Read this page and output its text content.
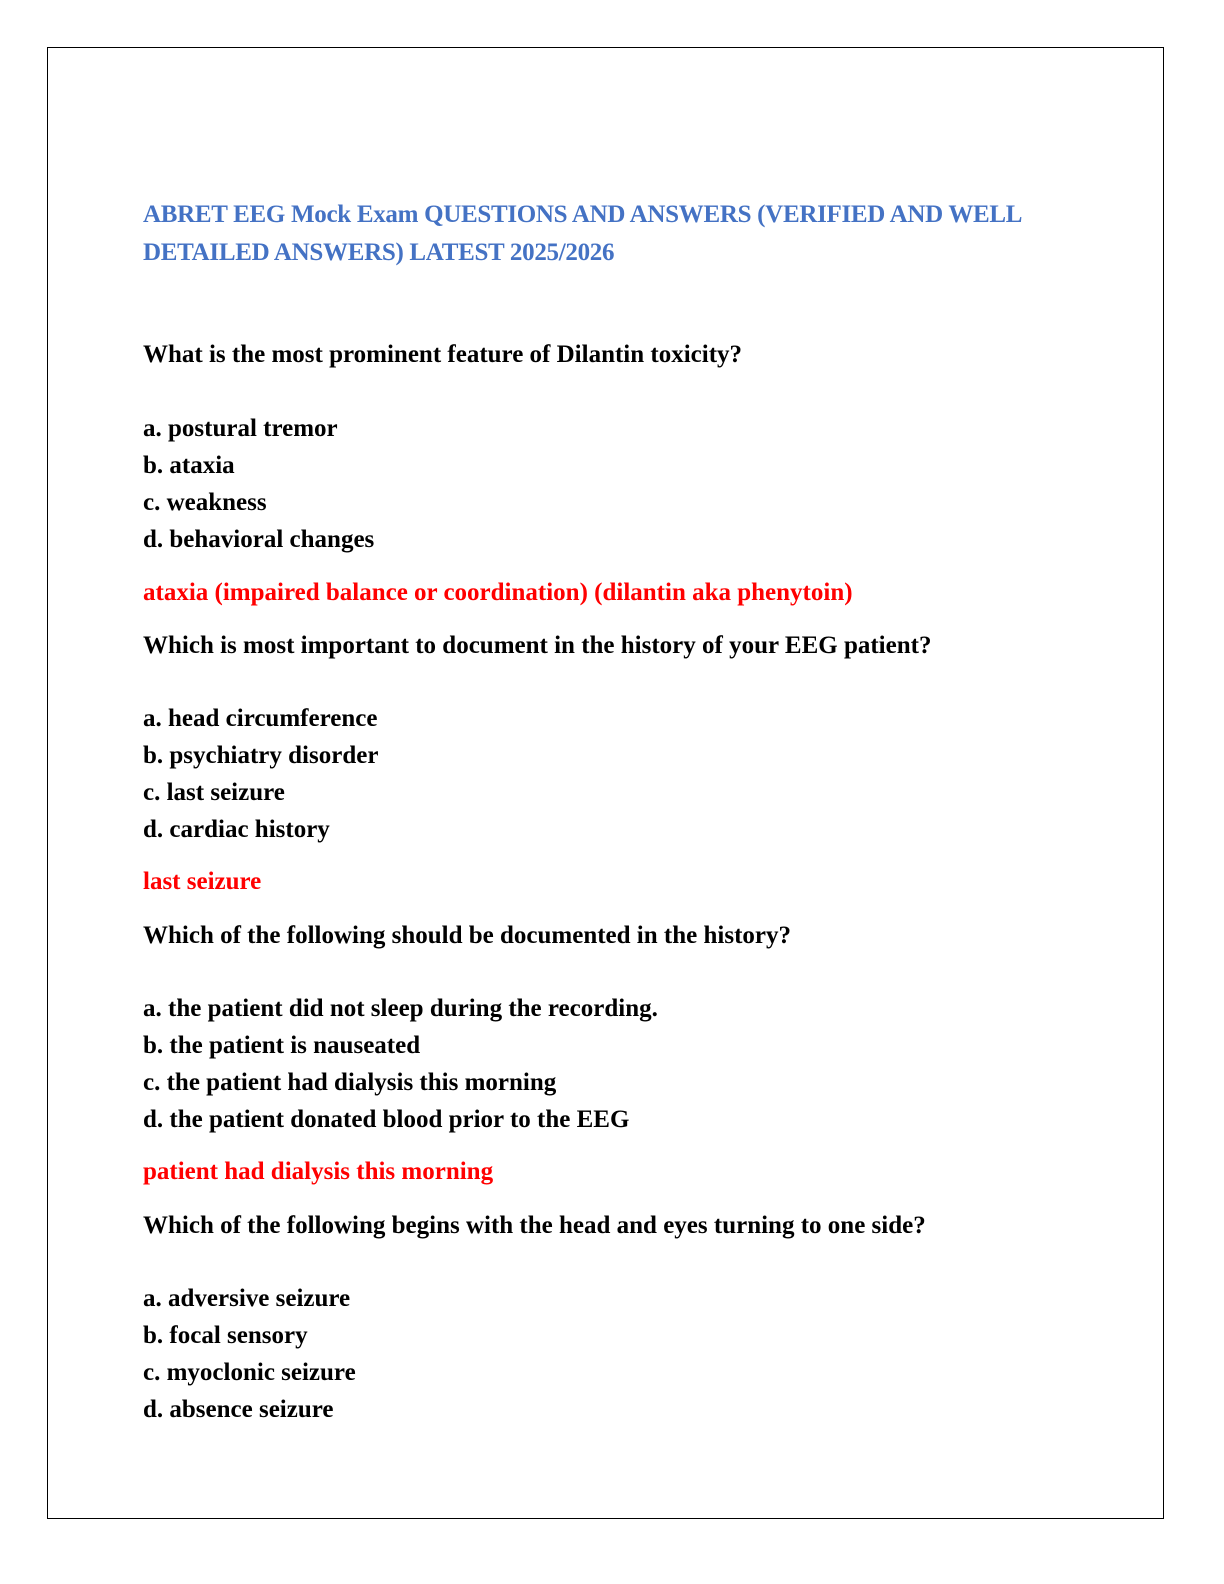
ABRET EEG Mock Exam QUESTIONS AND ANSWERS (VERIFIED AND WELL DETAILED ANSWERS) LATEST 2025/2026
What is the most prominent feature of Dilantin toxicity?
a. postural tremor
b. ataxia
c. weakness
d. behavioral changes
ataxia (impaired balance or coordination) (dilantin aka phenytoin)
Which is most important to document in the history of your EEG patient?
a. head circumference
b. psychiatry disorder
c. last seizure
d. cardiac history
last seizure
Which of the following should be documented in the history?
a. the patient did not sleep during the recording.
b. the patient is nauseated
c. the patient had dialysis this morning
d. the patient donated blood prior to the EEG
patient had dialysis this morning
Which of the following begins with the head and eyes turning to one side?
a. adversive seizure
b. focal sensory
c. myoclonic seizure
d. absence seizure
